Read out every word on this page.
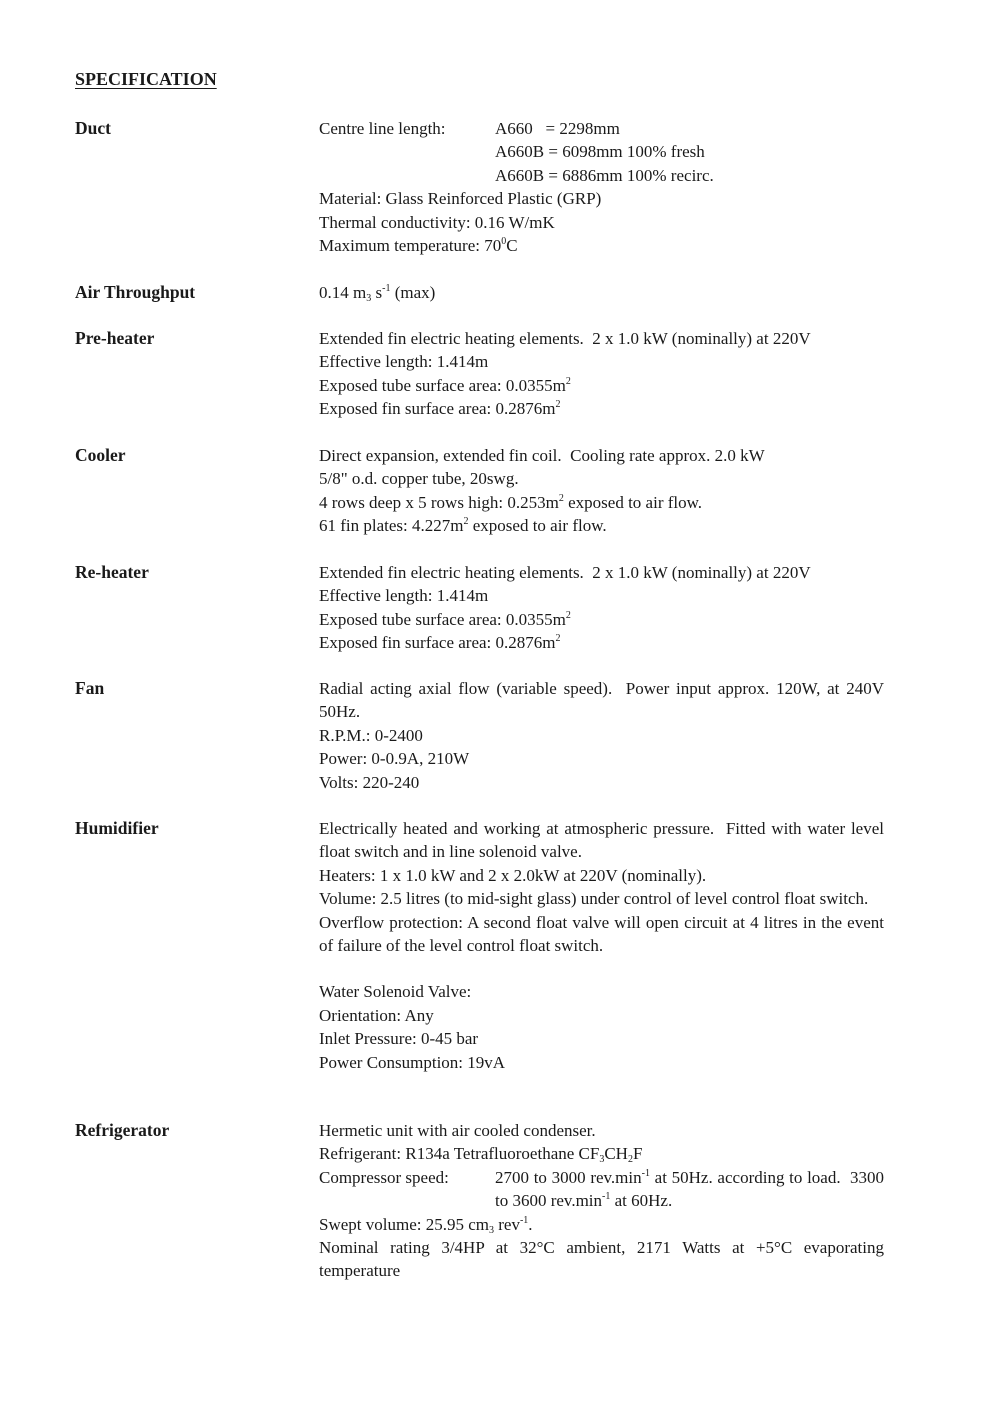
SPECIFICATION
Duct	Centre line length:	A660   = 2298mm
A660B = 6098mm 100% fresh
A660B = 6886mm 100% recirc.
Material: Glass Reinforced Plastic (GRP)
Thermal conductivity: 0.16 W/mK
Maximum temperature: $70^0C$
Air Throughput	0.14 $m_3$ $s^{-1}$ (max)
Pre-heater	Extended fin electric heating elements.  2 x 1.0 kW (nominally) at 220V
Effective length: 1.414m
Exposed tube surface area: $0.0355m^2$
Exposed fin surface area: $0.2876m^2$
Cooler	Direct expansion, extended fin coil.  Cooling rate approx. 2.0 kW
5/8" o.d. copper tube, 20swg.
4 rows deep x 5 rows high: $0.253m^2$ exposed to air flow.
61 fin plates: $4.227m^2$ exposed to air flow.
Re-heater	Extended fin electric heating elements.  2 x 1.0 kW (nominally) at 220V
Effective length: 1.414m
Exposed tube surface area: $0.0355m^2$
Exposed fin surface area: $0.2876m^2$
Fan	Radial acting axial flow (variable speed).  Power input approx. 120W, at 240V 50Hz.
R.P.M.: 0-2400
Power: 0-0.9A, 210W
Volts: 220-240
Humidifier	Electrically heated and working at atmospheric pressure.  Fitted with water level float switch and in line solenoid valve.
Heaters: 1 x 1.0 kW and 2 x 2.0kW at 220V (nominally).
Volume: 2.5 litres (to mid-sight glass) under control of level control float switch.
Overflow protection: A second float valve will open circuit at 4 litres in the event of failure of the level control float switch.
Water Solenoid Valve:
Orientation: Any
Inlet Pressure: 0-45 bar
Power Consumption: 19vA
Refrigerator	Hermetic unit with air cooled condenser.
Refrigerant: R134a Tetrafluoroethane $CF_3CH_2F$
Compressor speed:	2700 to 3000 $rev.\min^{-1}$ at 50Hz. according to load.  3300 to 3600 $rev.\min^{-1}$ at 60Hz.
Swept volume: 25.95 $cm_3$ rev$^{-1}$.
Nominal rating 3/4HP at 32°C ambient, 2171 Watts at +5°C evaporating temperature
